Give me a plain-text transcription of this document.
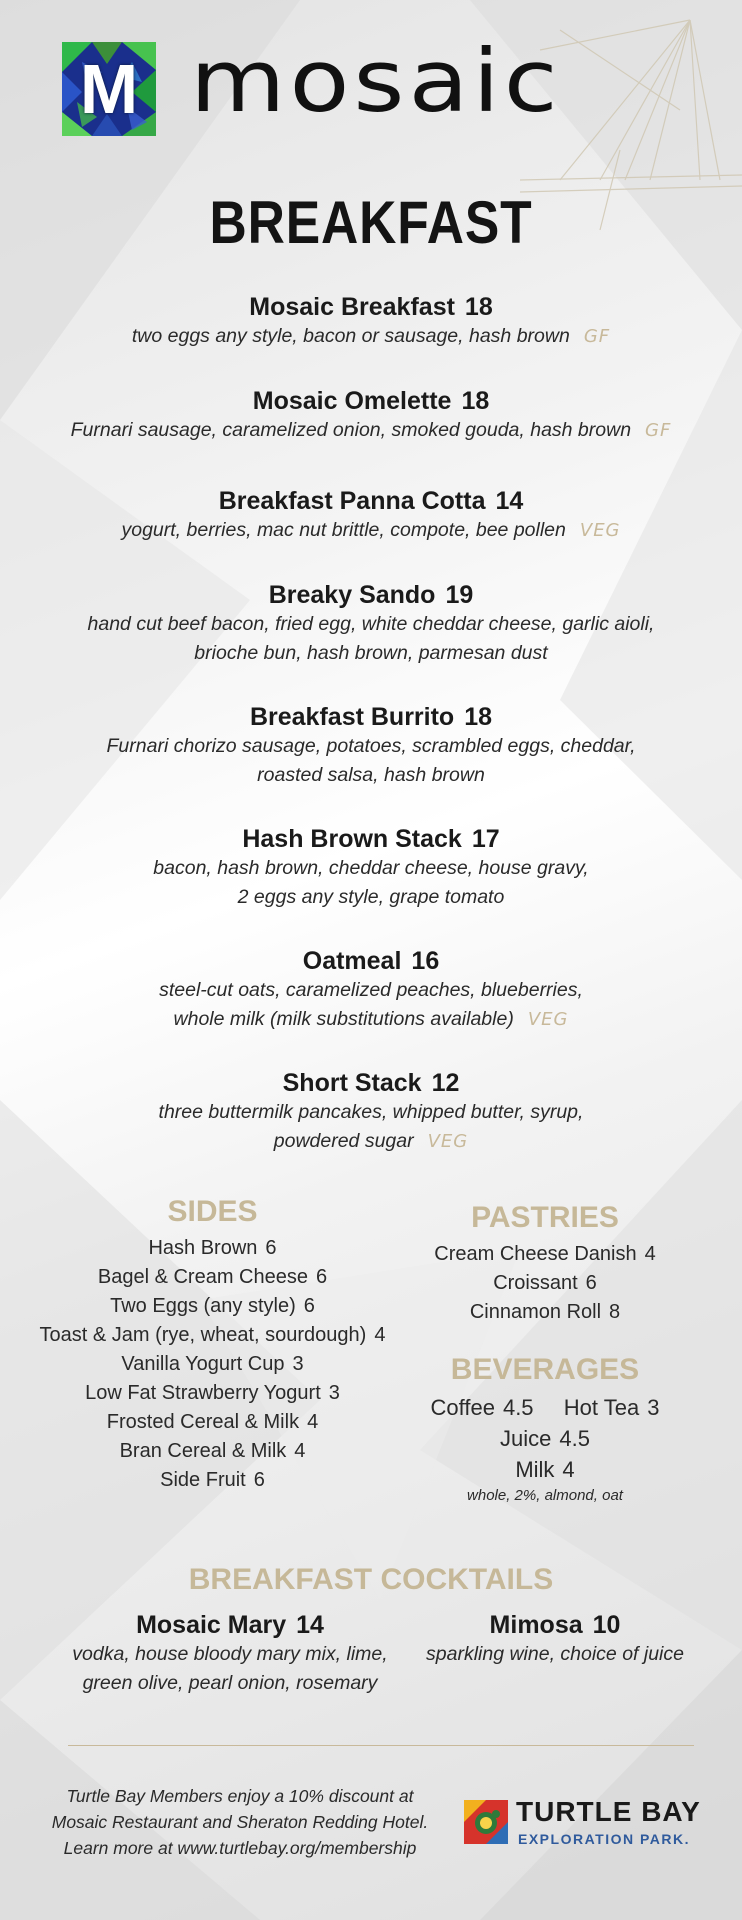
M mosaic
BREAKFAST
Mosaic Breakfast 18
two eggs any style, bacon or sausage, hash brown GF
Mosaic Omelette 18
Furnari sausage, caramelized onion, smoked gouda, hash brown GF
Breakfast Panna Cotta 14
yogurt, berries, mac nut brittle, compote, bee pollen VEG
Breaky Sando 19
hand cut beef bacon, fried egg, white cheddar cheese, garlic aioli,
brioche bun, hash brown, parmesan dust
Breakfast Burrito 18
Furnari chorizo sausage, potatoes, scrambled eggs, cheddar,
roasted salsa, hash brown
Hash Brown Stack 17
bacon, hash brown, cheddar cheese, house gravy,
2 eggs any style, grape tomato
Oatmeal 16
steel-cut oats, caramelized peaches, blueberries,
whole milk (milk substitutions available) VEG
Short Stack 12
three buttermilk pancakes, whipped butter, syrup,
powdered sugar VEG
SIDES
Hash Brown 6
Bagel & Cream Cheese 6
Two Eggs (any style) 6
Toast & Jam (rye, wheat, sourdough) 4
Vanilla Yogurt Cup 3
Low Fat Strawberry Yogurt 3
Frosted Cereal & Milk 4
Bran Cereal & Milk 4
Side Fruit 6
PASTRIES
Cream Cheese Danish 4
Croissant 6
Cinnamon Roll 8
BEVERAGES
Coffee 4.5 Hot Tea 3
Juice 4.5
Milk 4
whole, 2%, almond, oat
BREAKFAST COCKTAILS
Mosaic Mary 14
vodka, house bloody mary mix, lime,
green olive, pearl onion, rosemary
Mimosa 10
sparkling wine, choice of juice
Turtle Bay Members enjoy a 10% discount at
Mosaic Restaurant and Sheraton Redding Hotel.
Learn more at www.turtlebay.org/membership
TURTLE BAY
EXPLORATION PARK.
